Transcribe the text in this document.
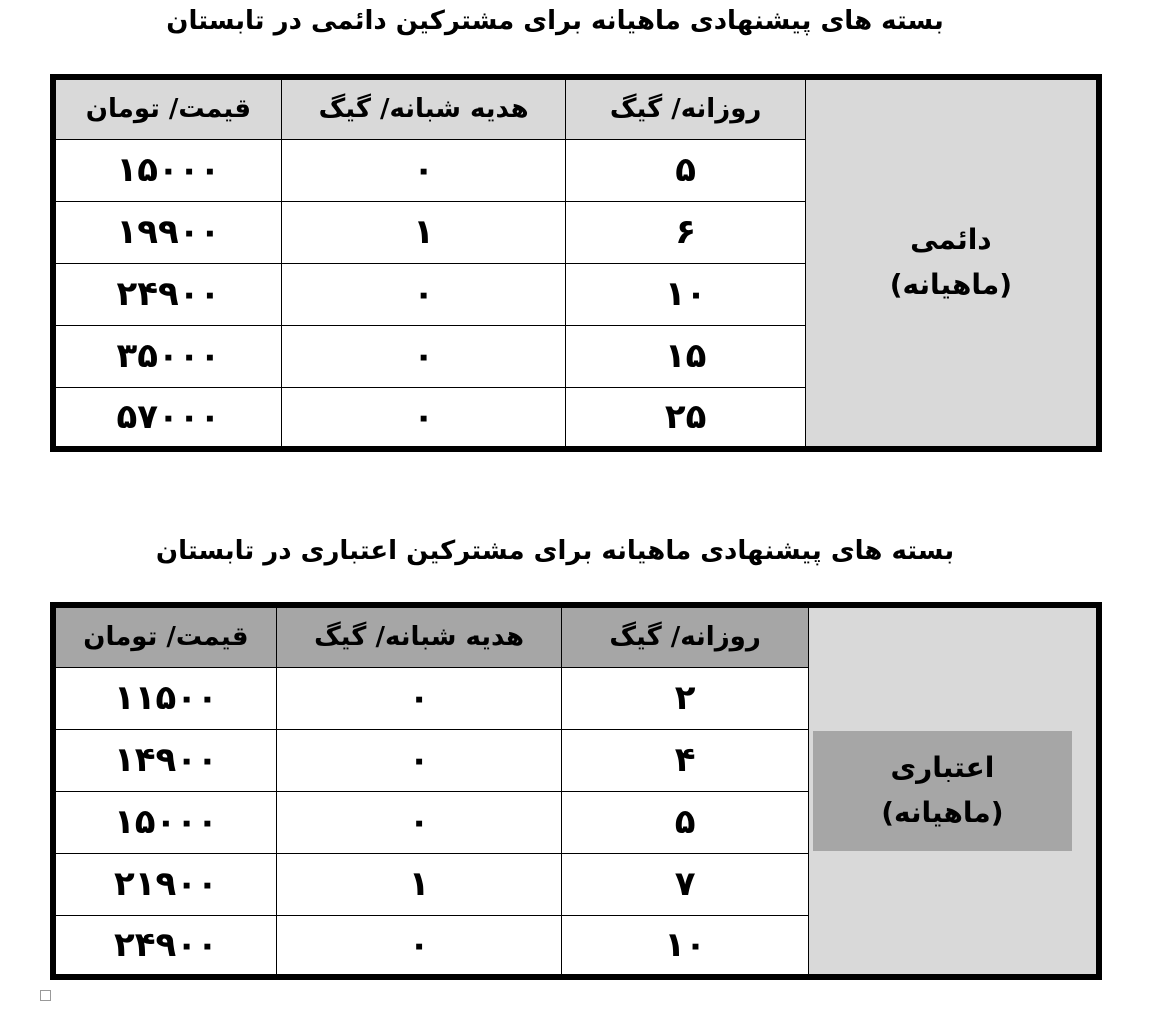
بسته های پیشنهادی ماهیانه برای مشترکین دائمی در تابستان
قیمت/ تومان	هدیه شبانه/ گیگ	روزانه/ گیگ	دائمی
(ماهیانه)

۱۵۰۰۰	۰	۵	
۱۹۹۰۰	۱	۶	
۲۴۹۰۰	۰	۱۰	
۳۵۰۰۰	۰	۱۵	
۵۷۰۰۰	۰	۲۵	
بسته های پیشنهادی ماهیانه برای مشترکین اعتباری در تابستان
قیمت/ تومان	هدیه شبانه/ گیگ	روزانه/ گیگ	اعتباری
(ماهیانه)

۱۱۵۰۰	۰	۲	
۱۴۹۰۰	۰	۴	
۱۵۰۰۰	۰	۵	
۲۱۹۰۰	۱	۷	
۲۴۹۰۰	۰	۱۰	
